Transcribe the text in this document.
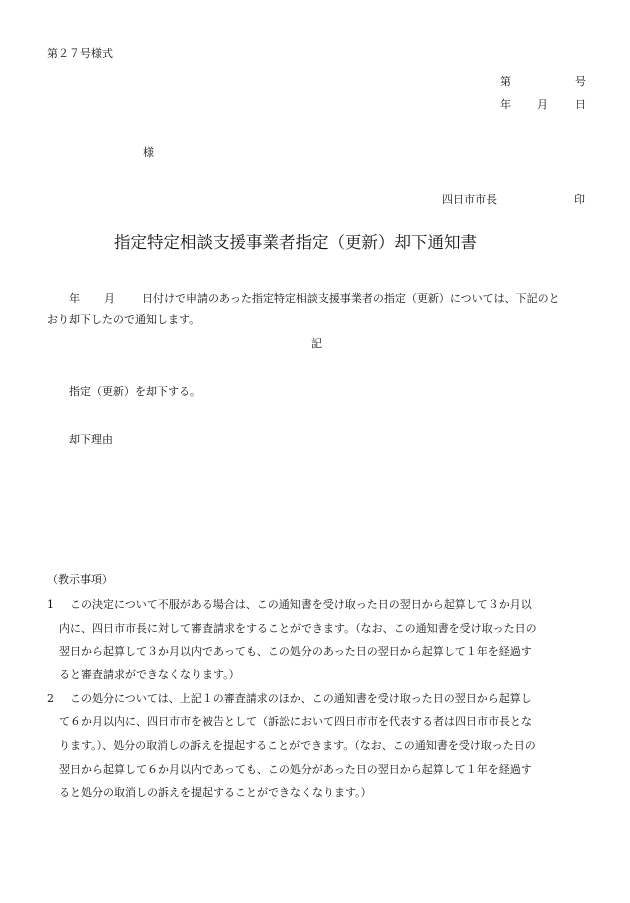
第２７号様式
第	号
年 月 日
様
四日市市長	印
指定特定相談支援事業者指定（更新）却下通知書
年 月 日付けで申請のあった指定特定相談支援事業者の指定（更新）については、下記のと
おり却下したので通知します。
記
指定（更新）を却下する。
却下理由
（教示事項）
1 この決定について不服がある場合は、この通知書を受け取った日の翌日から起算して３か月以
内に、四日市市長に対して審査請求をすることができます。（なお、この通知書を受け取った日の
翌日から起算して３か月以内であっても、この処分のあった日の翌日から起算して１年を経過す
ると審査請求ができなくなります。）
2 この処分については、上記１の審査請求のほか、この通知書を受け取った日の翌日から起算し
て６か月以内に、四日市市を被告として（訴訟において四日市市を代表する者は四日市市長とな
ります。）、処分の取消しの訴えを提起することができます。（なお、この通知書を受け取った日の
翌日から起算して６か月以内であっても、この処分があった日の翌日から起算して１年を経過す
ると処分の取消しの訴えを提起することができなくなります。）
